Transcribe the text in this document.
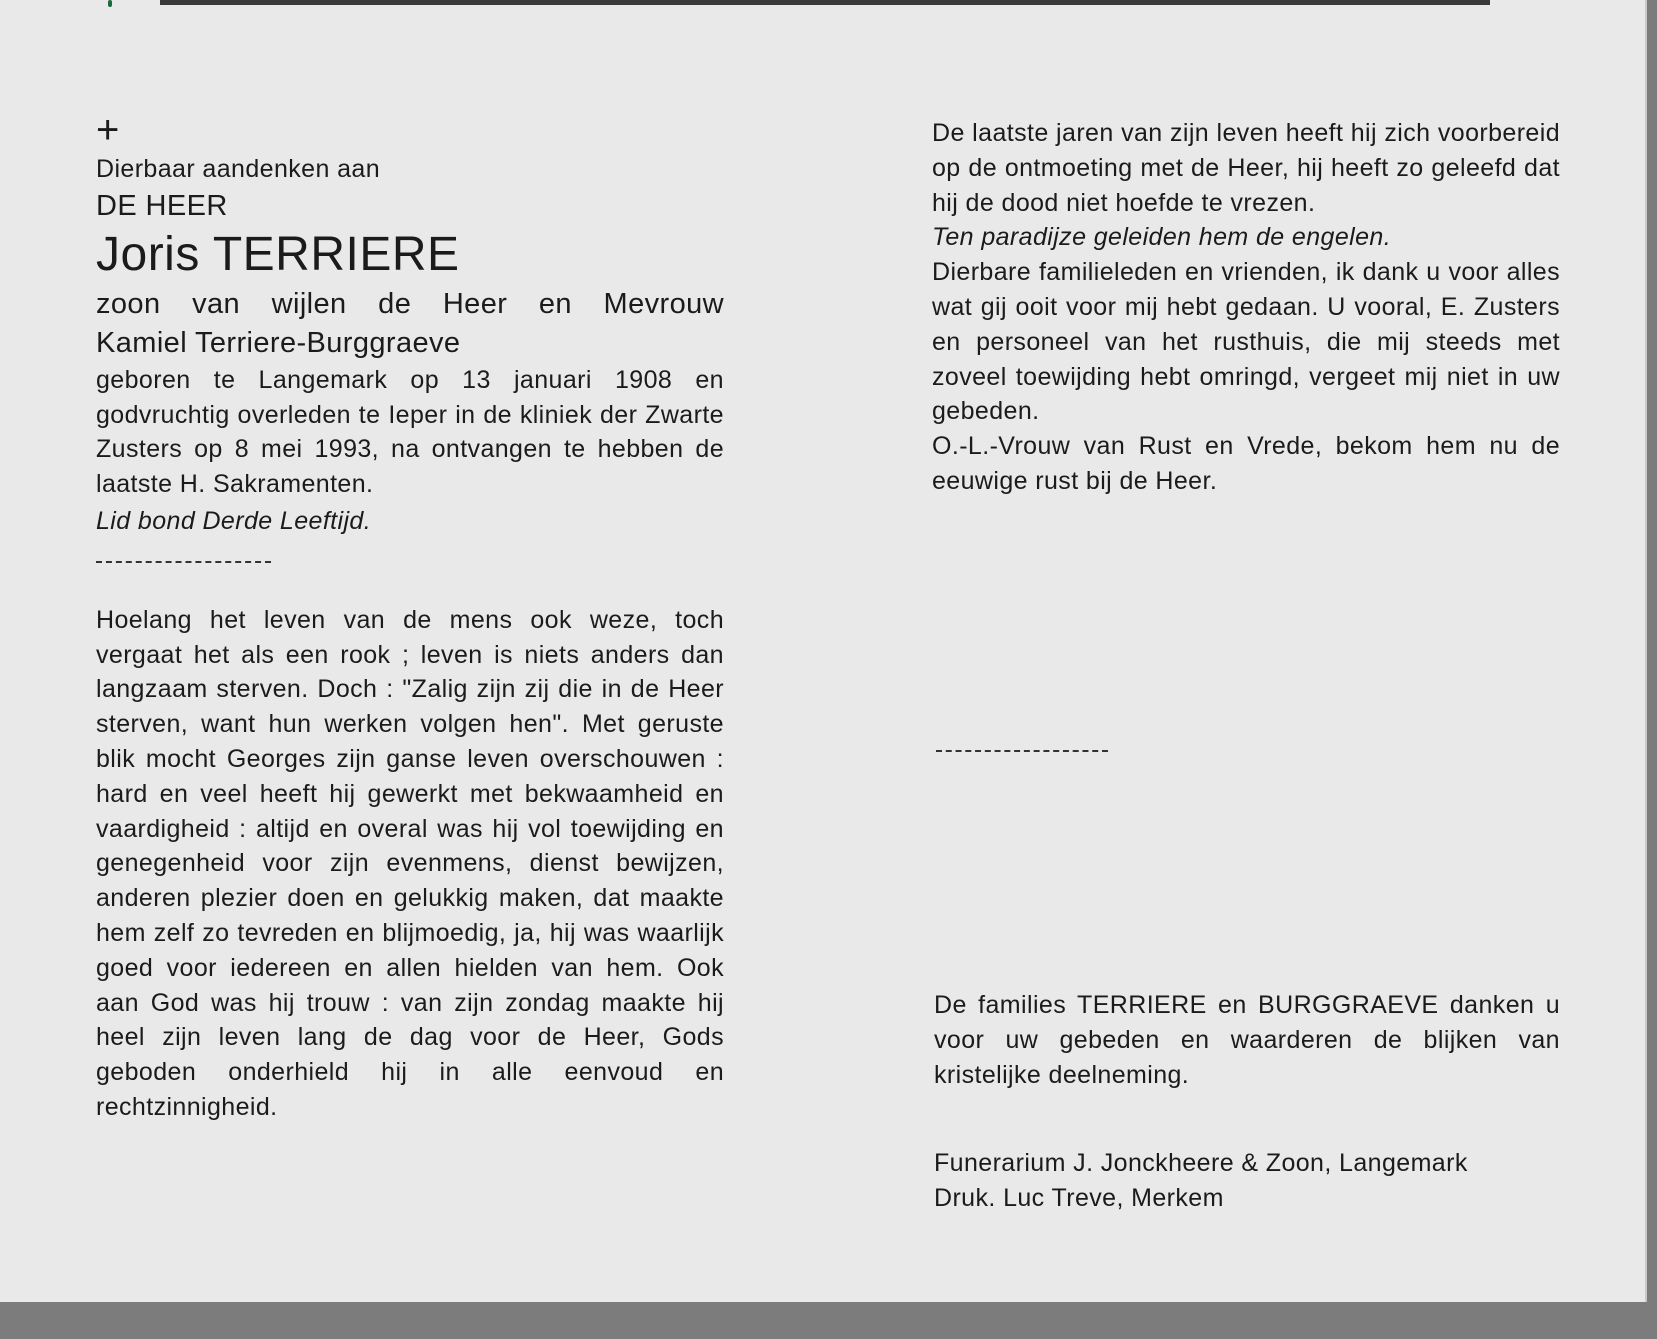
+

Dierbaar aandenken aan

DE HEER

Joris TERRIERE

zoon van wijlen de Heer en Mevrouw

Kamiel Terriere-Burggraeve

geboren te Langemark op 13 januari 1908 en godvruchtig overleden te Ieper in de kliniek der Zwarte Zusters op 8 mei 1993, na ontvangen te hebben de laatste H. Sakramenten.

Lid bond Derde Leeftijd.

Hoelang het leven van de mens ook weze, toch vergaat het als een rook ; leven is niets anders dan langzaam sterven. Doch : "Zalig zijn zij die in de Heer sterven, want hun werken volgen hen". Met geruste blik mocht Georges zijn ganse leven overschouwen : hard en veel heeft hij gewerkt met bekwaamheid en vaardigheid : altijd en overal was hij vol toewijding en genegenheid voor zijn evenmens, dienst bewijzen, anderen plezier doen en gelukkig maken, dat maakte hem zelf zo tevreden en blijmoedig, ja, hij was waarlijk goed voor iedereen en allen hielden van hem. Ook aan God was hij trouw : van zijn zondag maakte hij heel zijn leven lang de dag voor de Heer, Gods geboden onderhield hij in alle eenvoud en rechtzinnigheid.

De laatste jaren van zijn leven heeft hij zich voorbereid op de ontmoeting met de Heer, hij heeft zo geleefd dat hij de dood niet hoefde te vrezen.

Ten paradijze geleiden hem de engelen.

Dierbare familieleden en vrienden, ik dank u voor alles wat gij ooit voor mij hebt gedaan. U vooral, E. Zusters en personeel van het rusthuis, die mij steeds met zoveel toewijding hebt omringd, vergeet mij niet in uw gebeden.

O.-L.-Vrouw van Rust en Vrede, bekom hem nu de eeuwige rust bij de Heer.

De families TERRIERE en BURGGRAEVE danken u voor uw gebeden en waarderen de blijken van kristelijke deelneming.

Funerarium J. Jonckheere & Zoon, Langemark

Druk. Luc Treve, Merkem
